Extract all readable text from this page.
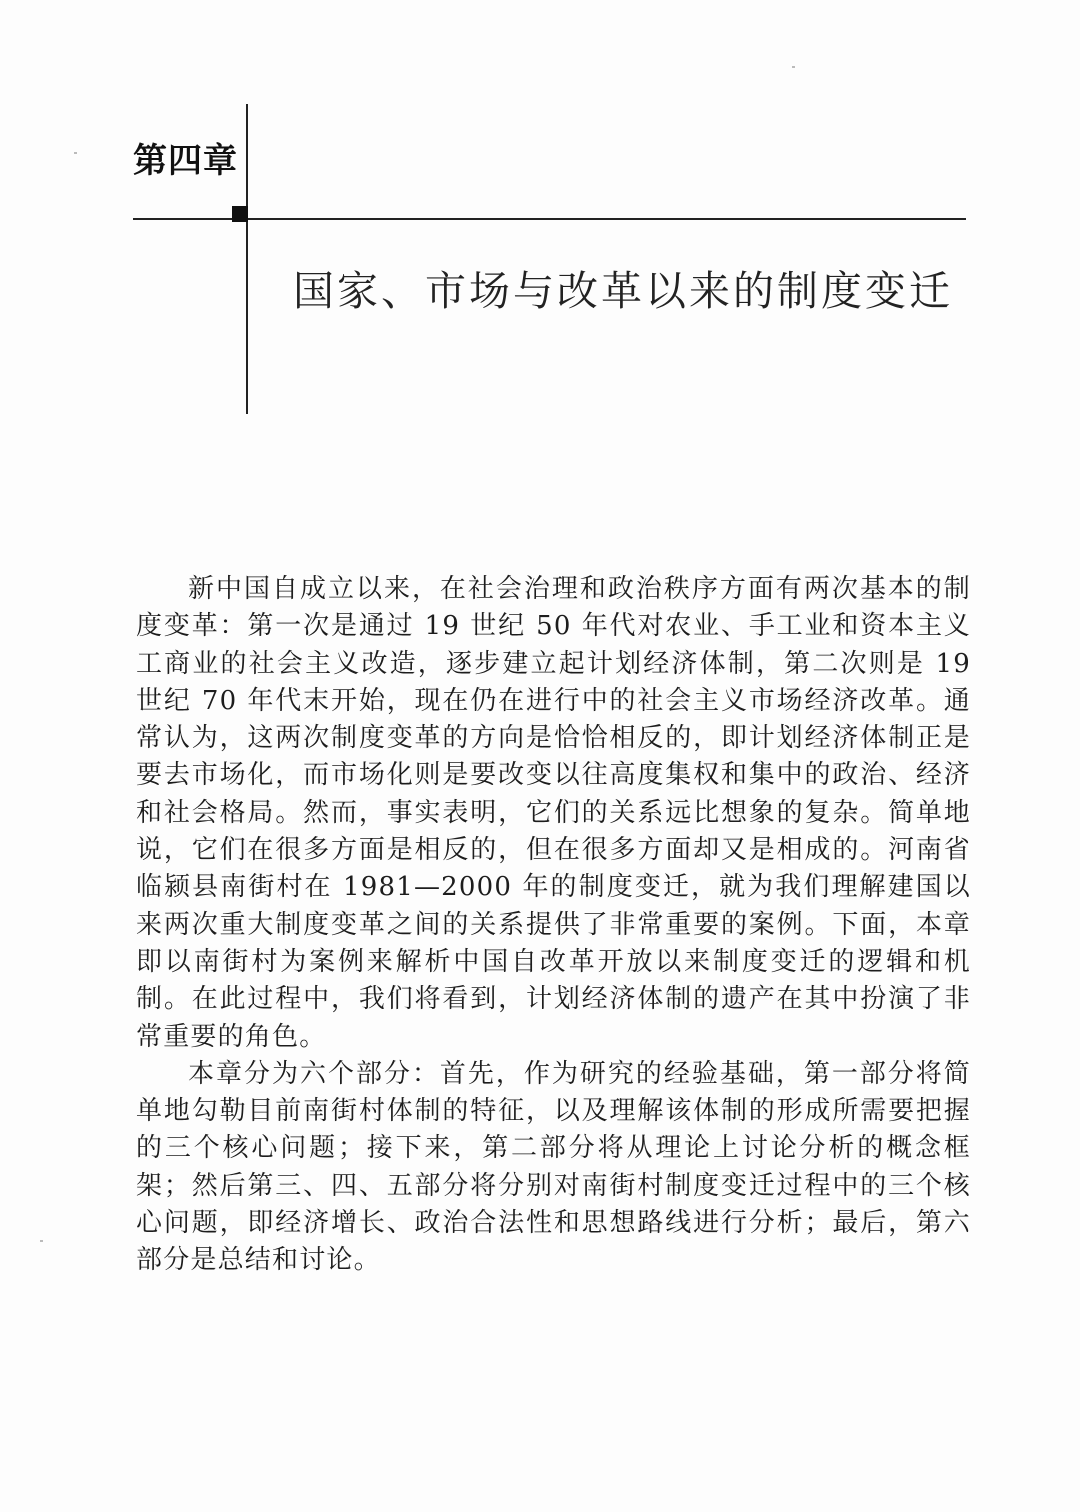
第四章
国家、市场与改革以来的制度变迁

新中国自成立以来，在社会治理和政治秩序方面有两次基本的制度变革：第一次是通过 19 世纪 50 年代对农业、手工业和资本主义工商业的社会主义改造，逐步建立起计划经济体制，第二次则是 19 世纪 70 年代末开始，现在仍在进行中的社会主义市场经济改革。通常认为，这两次制度变革的方向是恰恰相反的，即计划经济体制正是要去市场化，而市场化则是要改变以往高度集权和集中的政治、经济和社会格局。然而，事实表明，它们的关系远比想象的复杂。简单地说，它们在很多方面是相反的，但在很多方面却又是相成的。河南省临颍县南街村在 1981—2000 年的制度变迁，就为我们理解建国以来两次重大制度变革之间的关系提供了非常重要的案例。下面，本章即以南街村为案例来解析中国自改革开放以来制度变迁的逻辑和机制。在此过程中，我们将看到，计划经济体制的遗产在其中扮演了非常重要的角色。

本章分为六个部分：首先，作为研究的经验基础，第一部分将简单地勾勒目前南街村体制的特征，以及理解该体制的形成所需要把握的三个核心问题；接下来，第二部分将从理论上讨论分析的概念框架；然后第三、四、五部分将分别对南街村制度变迁过程中的三个核心问题，即经济增长、政治合法性和思想路线进行分析；最后，第六部分是总结和讨论。
